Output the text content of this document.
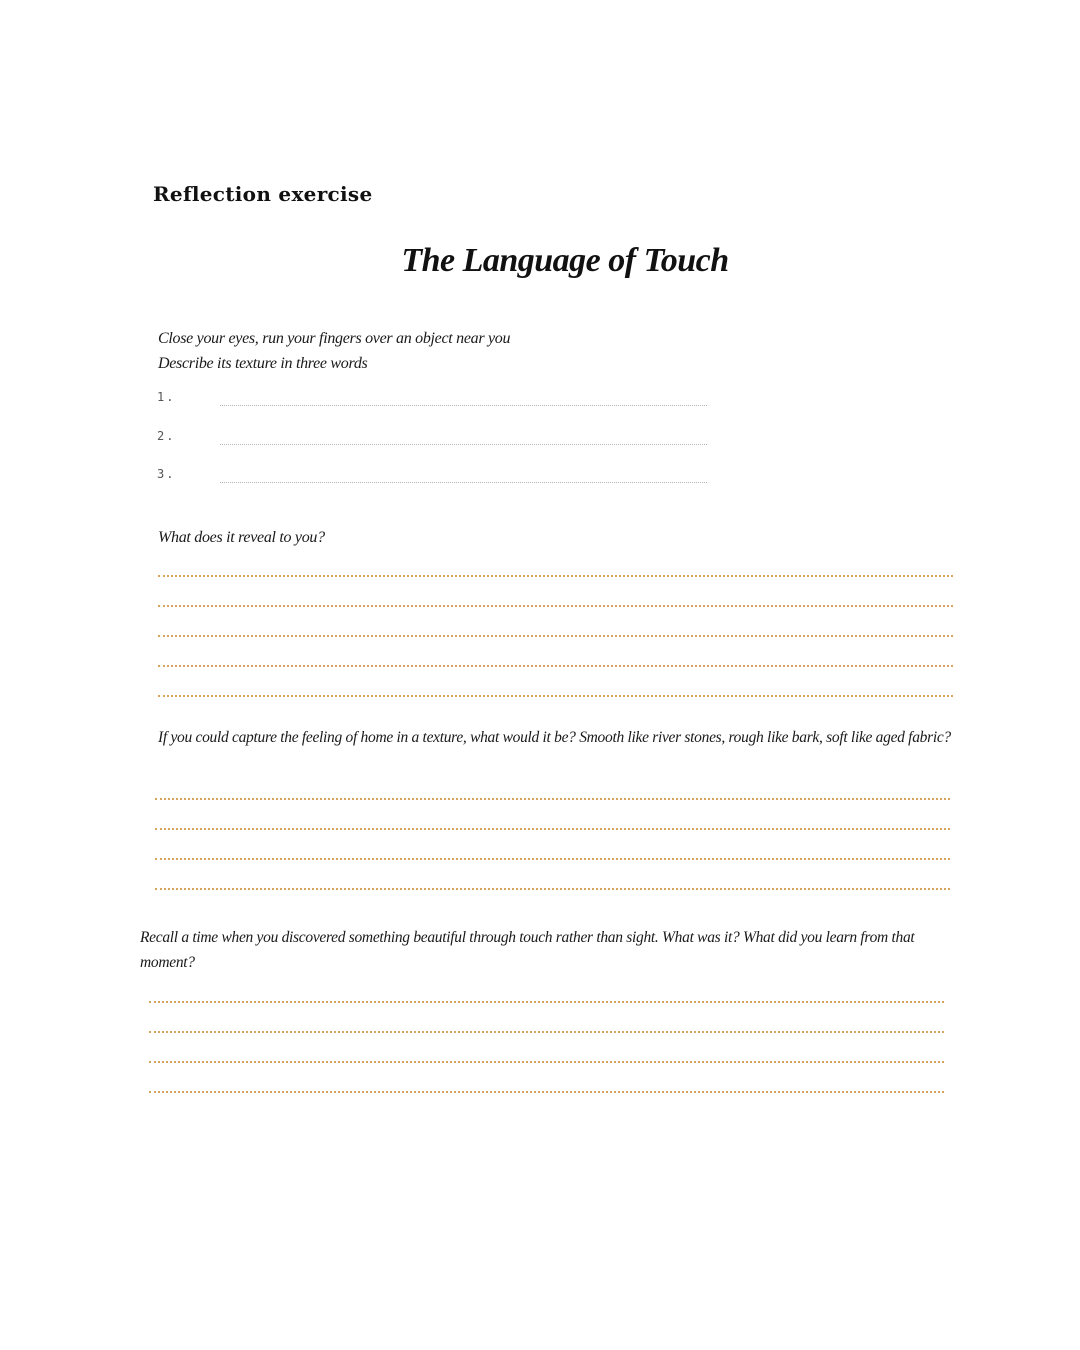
Reflection exercise
The Language of Touch
Close your eyes, run your fingers over an object near you
Describe its texture in three words
1.
2.
3.

What does it reveal to you?

If you could capture the feeling of home in a texture, what would it be? Smooth like river stones, rough like bark, soft like aged fabric?

Recall a time when you discovered something beautiful through touch rather than sight. What was it? What did you learn from that moment?
